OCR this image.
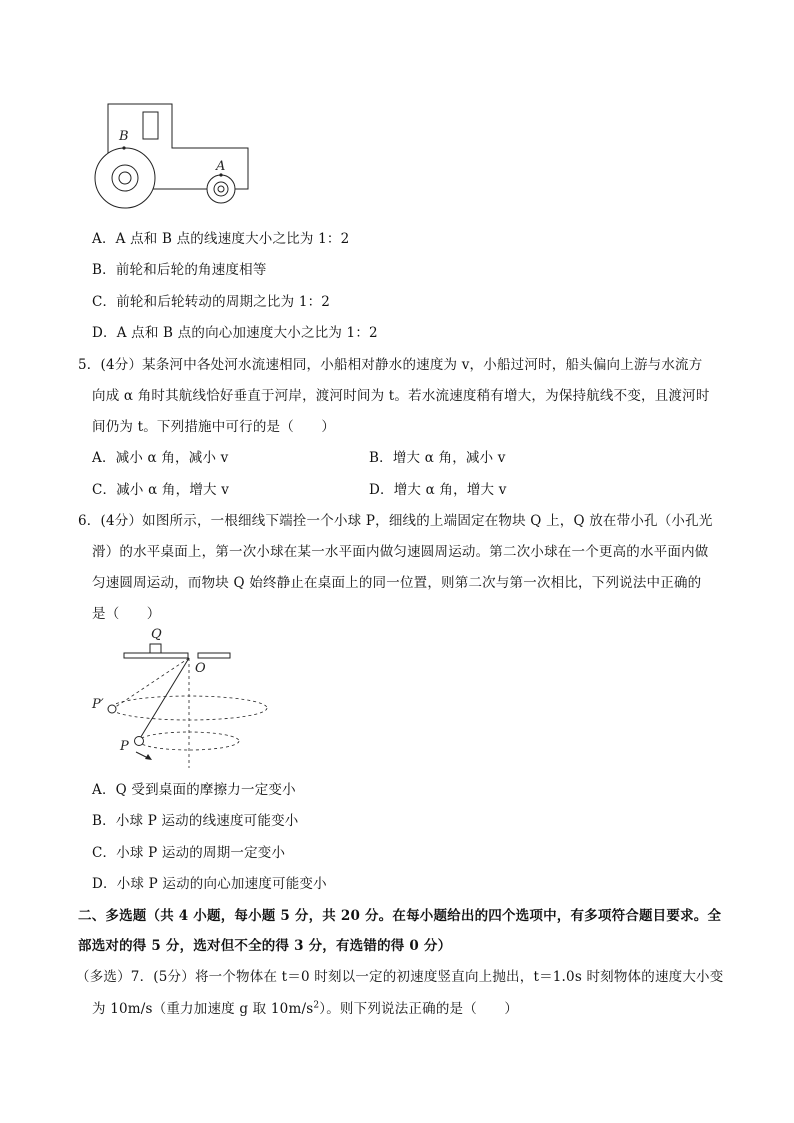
B
A
A．A 点和 B 点的线速度大小之比为 1：2
B．前轮和后轮的角速度相等
C．前轮和后轮转动的周期之比为 1：2
D．A 点和 B 点的向心加速度大小之比为 1：2
5．(4分）某条河中各处河水流速相同，小船相对静水的速度为 v，小船过河时，船头偏向上游与水流方
向成 α 角时其航线恰好垂直于河岸，渡河时间为 t。若水流速度稍有增大，为保持航线不变，且渡河时
间仍为 t。下列措施中可行的是（　　）
A．减小 α 角，减小 v	B．增大 α 角，减小 v
C．减小 α 角，增大 v	D．增大 α 角，增大 v
6．(4分）如图所示，一根细线下端拴一个小球 P，细线的上端固定在物块 Q 上，Q 放在带小孔（小孔光
滑）的水平桌面上，第一次小球在某一水平面内做匀速圆周运动。第二次小球在一个更高的水平面内做
匀速圆周运动，而物块 Q 始终静止在桌面上的同一位置，则第二次与第一次相比，下列说法中正确的
是（　　）
Q
O
P′
P
A．Q 受到桌面的摩擦力一定变小
B．小球 P 运动的线速度可能变小
C．小球 P 运动的周期一定变小
D．小球 P 运动的向心加速度可能变小
二、多选题（共 4 小题，每小题 5 分，共 20 分。在每小题给出的四个选项中，有多项符合题目要求。全
部选对的得 5 分，选对但不全的得 3 分，有选错的得 0 分）
（多选）7．(5分）将一个物体在 t＝0 时刻以一定的初速度竖直向上抛出，t＝1.0s 时刻物体的速度大小变
为 10m/s（重力加速度 g 取 $10m/s^2$）。则下列说法正确的是（　　）
